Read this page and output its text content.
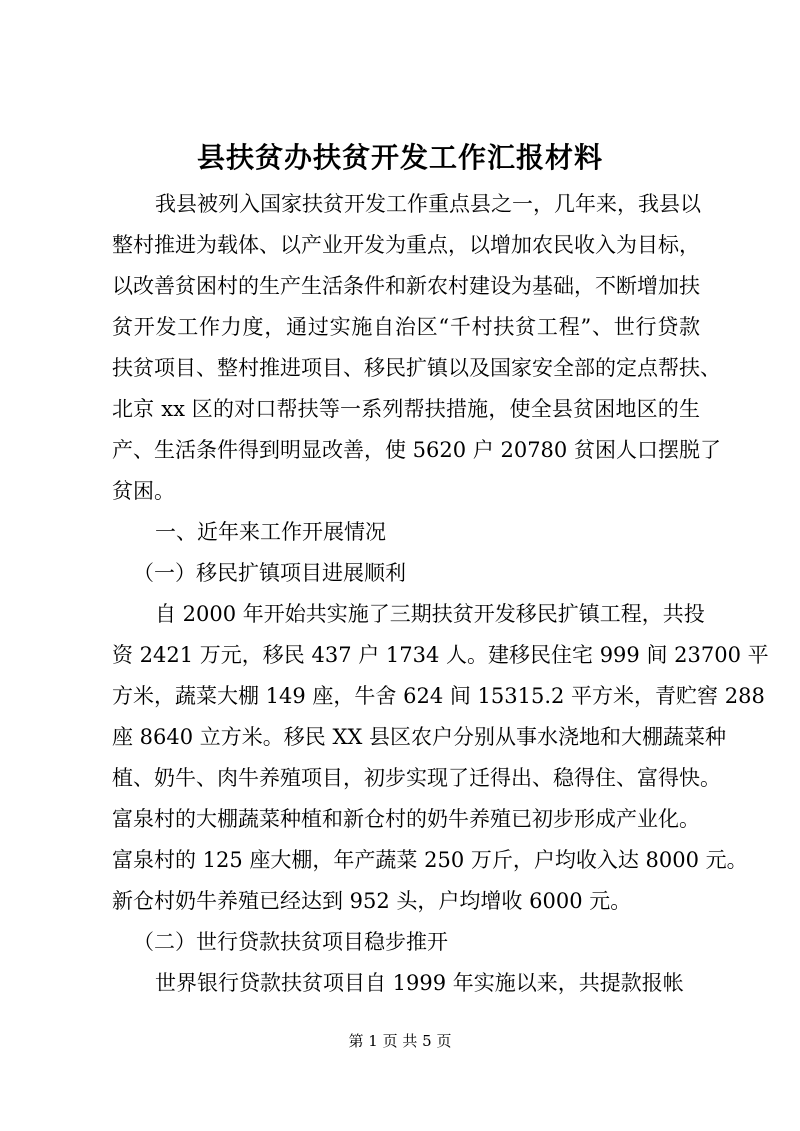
县扶贫办扶贫开发工作汇报材料
我县被列入国家扶贫开发工作重点县之一，几年来，我县以
整村推进为载体、以产业开发为重点，以增加农民收入为目标，
以改善贫困村的生产生活条件和新农村建设为基础，不断增加扶
贫开发工作力度，通过实施自治区“千村扶贫工程”、世行贷款
扶贫项目、整村推进项目、移民扩镇以及国家安全部的定点帮扶、
北京 xx 区的对口帮扶等一系列帮扶措施，使全县贫困地区的生
产、生活条件得到明显改善，使 5620 户 20780 贫困人口摆脱了
贫困。
一、近年来工作开展情况
（一）移民扩镇项目进展顺利
自 2000 年开始共实施了三期扶贫开发移民扩镇工程，共投
资 2421 万元，移民 437 户 1734 人。建移民住宅 999 间 23700 平
方米，蔬菜大棚 149 座，牛舍 624 间 15315.2 平方米，青贮窖 288
座 8640 立方米。移民 XX 县区农户分别从事水浇地和大棚蔬菜种
植、奶牛、肉牛养殖项目，初步实现了迁得出、稳得住、富得快。
富泉村的大棚蔬菜种植和新仓村的奶牛养殖已初步形成产业化。
富泉村的 125 座大棚，年产蔬菜 250 万斤，户均收入达 8000 元。
新仓村奶牛养殖已经达到 952 头，户均增收 6000 元。
（二）世行贷款扶贫项目稳步推开
世界银行贷款扶贫项目自 1999 年实施以来，共提款报帐
第 1 页 共 5 页
